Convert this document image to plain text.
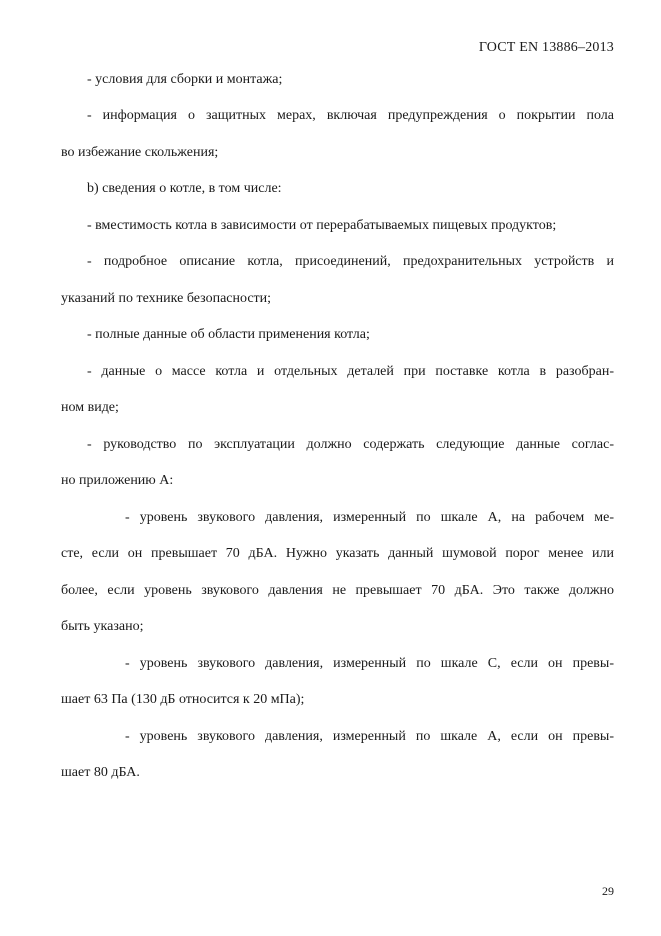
ГОСТ EN 13886–2013
- условия для сборки и монтажа;
- информация о защитных мерах, включая предупреждения о покрытии пола
во избежание скольжения;
b) сведения о котле, в том числе:
- вместимость котла в зависимости от перерабатываемых пищевых продуктов;
- подробное описание котла, присоединений, предохранительных устройств и
указаний по технике безопасности;
- полные данные об области применения котла;
- данные о массе котла и отдельных деталей при поставке котла в разобран-
ном виде;
- руководство по эксплуатации должно содержать следующие данные соглас-
но приложению А:
- уровень звукового давления, измеренный по шкале А, на рабочем ме-
сте, если он превышает 70 дБА. Нужно указать данный шумовой порог менее или
более, если уровень звукового давления не превышает 70 дБА. Это также должно
быть указано;
- уровень звукового давления, измеренный по шкале С, если он превы-
шает 63 Па (130 дБ относится к 20 мПа);
- уровень звукового давления, измеренный по шкале А, если он превы-
шает 80 дБА.
29
